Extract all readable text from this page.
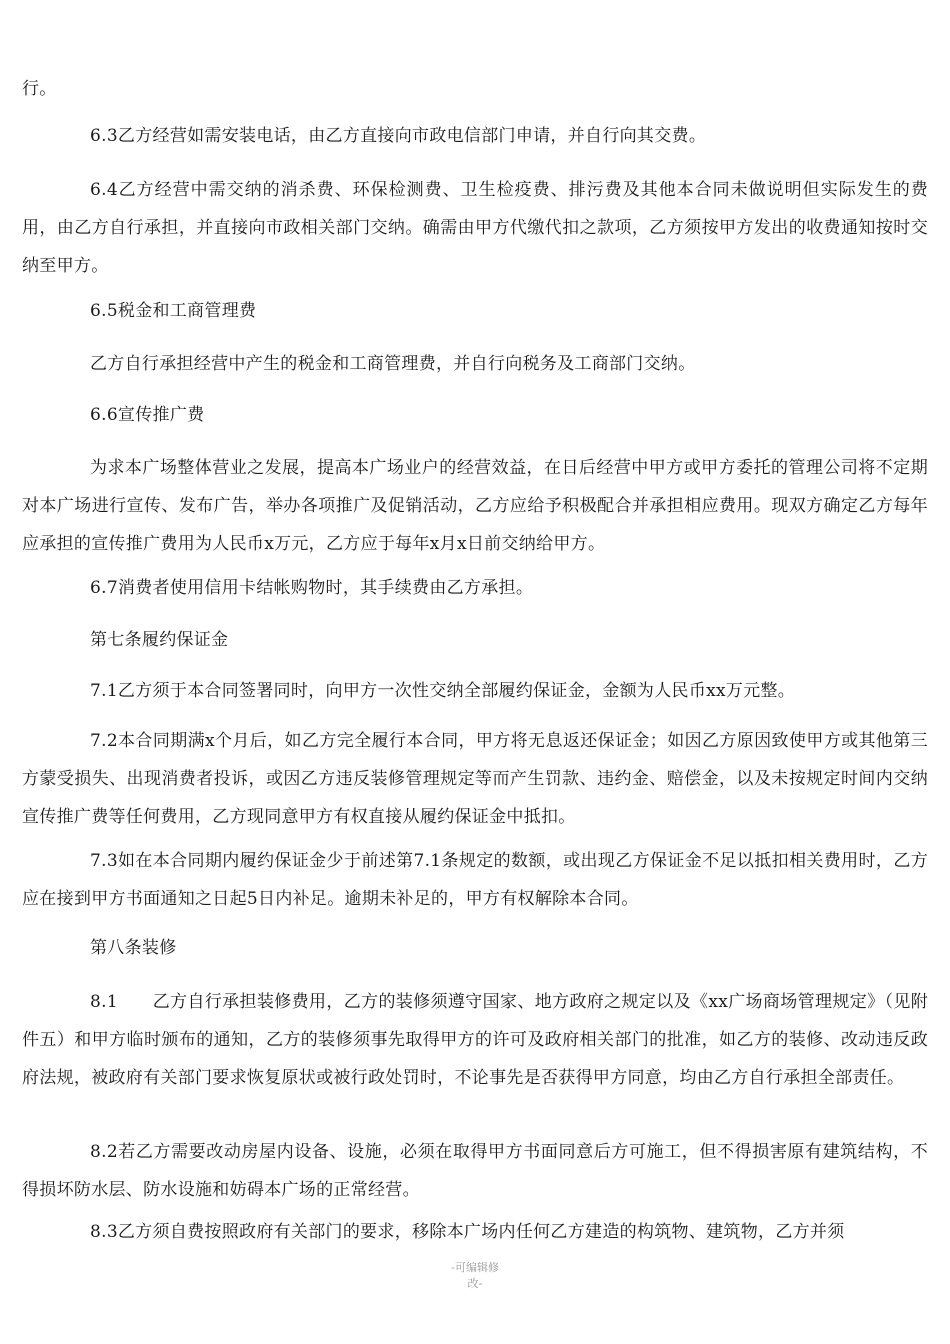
行。

6.3乙方经营如需安装电话，由乙方直接向市政电信部门申请，并自行向其交费。

6.4乙方经营中需交纳的消杀费、环保检测费、卫生检疫费、排污费及其他本合同未做说明但实际发生的费用，由乙方自行承担，并直接向市政相关部门交纳。确需由甲方代缴代扣之款项，乙方须按甲方发出的收费通知按时交纳至甲方。

6.5税金和工商管理费

乙方自行承担经营中产生的税金和工商管理费，并自行向税务及工商部门交纳。

6.6宣传推广费

为求本广场整体营业之发展，提高本广场业户的经营效益，在日后经营中甲方或甲方委托的管理公司将不定期对本广场进行宣传、发布广告，举办各项推广及促销活动，乙方应给予积极配合并承担相应费用。现双方确定乙方每年应承担的宣传推广费用为人民币x万元，乙方应于每年x月x日前交纳给甲方。

6.7消费者使用信用卡结帐购物时，其手续费由乙方承担。

第七条履约保证金

7.1乙方须于本合同签署同时，向甲方一次性交纳全部履约保证金，金额为人民币xx万元整。

7.2本合同期满x个月后，如乙方完全履行本合同，甲方将无息返还保证金；如因乙方原因致使甲方或其他第三方蒙受损失、出现消费者投诉，或因乙方违反装修管理规定等而产生罚款、违约金、赔偿金，以及未按规定时间内交纳宣传推广费等任何费用，乙方现同意甲方有权直接从履约保证金中抵扣。

7.3如在本合同期内履约保证金少于前述第7.1条规定的数额，或出现乙方保证金不足以抵扣相关费用时，乙方应在接到甲方书面通知之日起5日内补足。逾期未补足的，甲方有权解除本合同。

第八条装修

8.1　　乙方自行承担装修费用，乙方的装修须遵守国家、地方政府之规定以及《xx广场商场管理规定》（见附件五）和甲方临时颁布的通知，乙方的装修须事先取得甲方的许可及政府相关部门的批准，如乙方的装修、改动违反政府法规，被政府有关部门要求恢复原状或被行政处罚时，不论事先是否获得甲方同意，均由乙方自行承担全部责任。

8.2若乙方需要改动房屋内设备、设施，必须在取得甲方书面同意后方可施工，但不得损害原有建筑结构，不得损坏防水层、防水设施和妨碍本广场的正常经营。

8.3乙方须自费按照政府有关部门的要求，移除本广场内任何乙方建造的构筑物、建筑物，乙方并须

-可编辑修
改-
